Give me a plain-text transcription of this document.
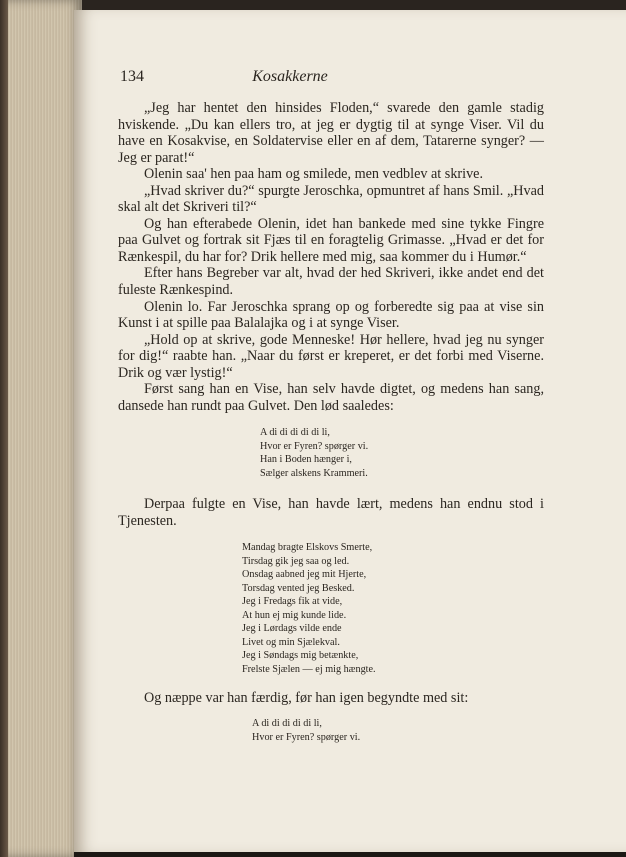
134	Kosakkerne

„Jeg har hentet den hinsides Floden,“ svarede den gamle stadig hviskende. „Du kan ellers tro, at jeg er dygtig til at synge Viser. Vil du have en Kosakvise, en Soldatervise eller en af dem, Tatarerne synger? — Jeg er parat!“

Olenin saa' hen paa ham og smilede, men vedblev at skrive.

„Hvad skriver du?“ spurgte Jeroschka, opmuntret af hans Smil. „Hvad skal alt det Skriveri til?“

Og han efterabede Olenin, idet han bankede med sine tykke Fingre paa Gulvet og fortrak sit Fjæs til en foragtelig Grimasse. „Hvad er det for Rænkespil, du har for? Drik hellere med mig, saa kommer du i Humør.“

Efter hans Begreber var alt, hvad der hed Skriveri, ikke andet end det fuleste Rænkespind.

Olenin lo. Far Jeroschka sprang op og forberedte sig paa at vise sin Kunst i at spille paa Balalajka og i at synge Viser.

„Hold op at skrive, gode Menneske! Hør hellere, hvad jeg nu synger for dig!“ raabte han. „Naar du først er kreperet, er det forbi med Viserne. Drik og vær lystig!“

Først sang han en Vise, han selv havde digtet, og medens han sang, dansede han rundt paa Gulvet. Den lød saaledes:

A di di di di di li,
Hvor er Fyren? spørger vi.
Han i Boden hænger i,
Sælger alskens Krammeri.

Derpaa fulgte en Vise, han havde lært, medens han endnu stod i Tjenesten.

Mandag bragte Elskovs Smerte,
Tirsdag gik jeg saa og led.
Onsdag aabned jeg mit Hjerte,
Torsdag vented jeg Besked.
Jeg i Fredags fik at vide,
At hun ej mig kunde lide.
Jeg i Lørdags vilde ende
Livet og min Sjælekval.
Jeg i Søndags mig betænkte,
Frelste Sjælen — ej mig hængte.

Og næppe var han færdig, før han igen begyndte med sit:

A di di di di di li,
Hvor er Fyren? spørger vi.
